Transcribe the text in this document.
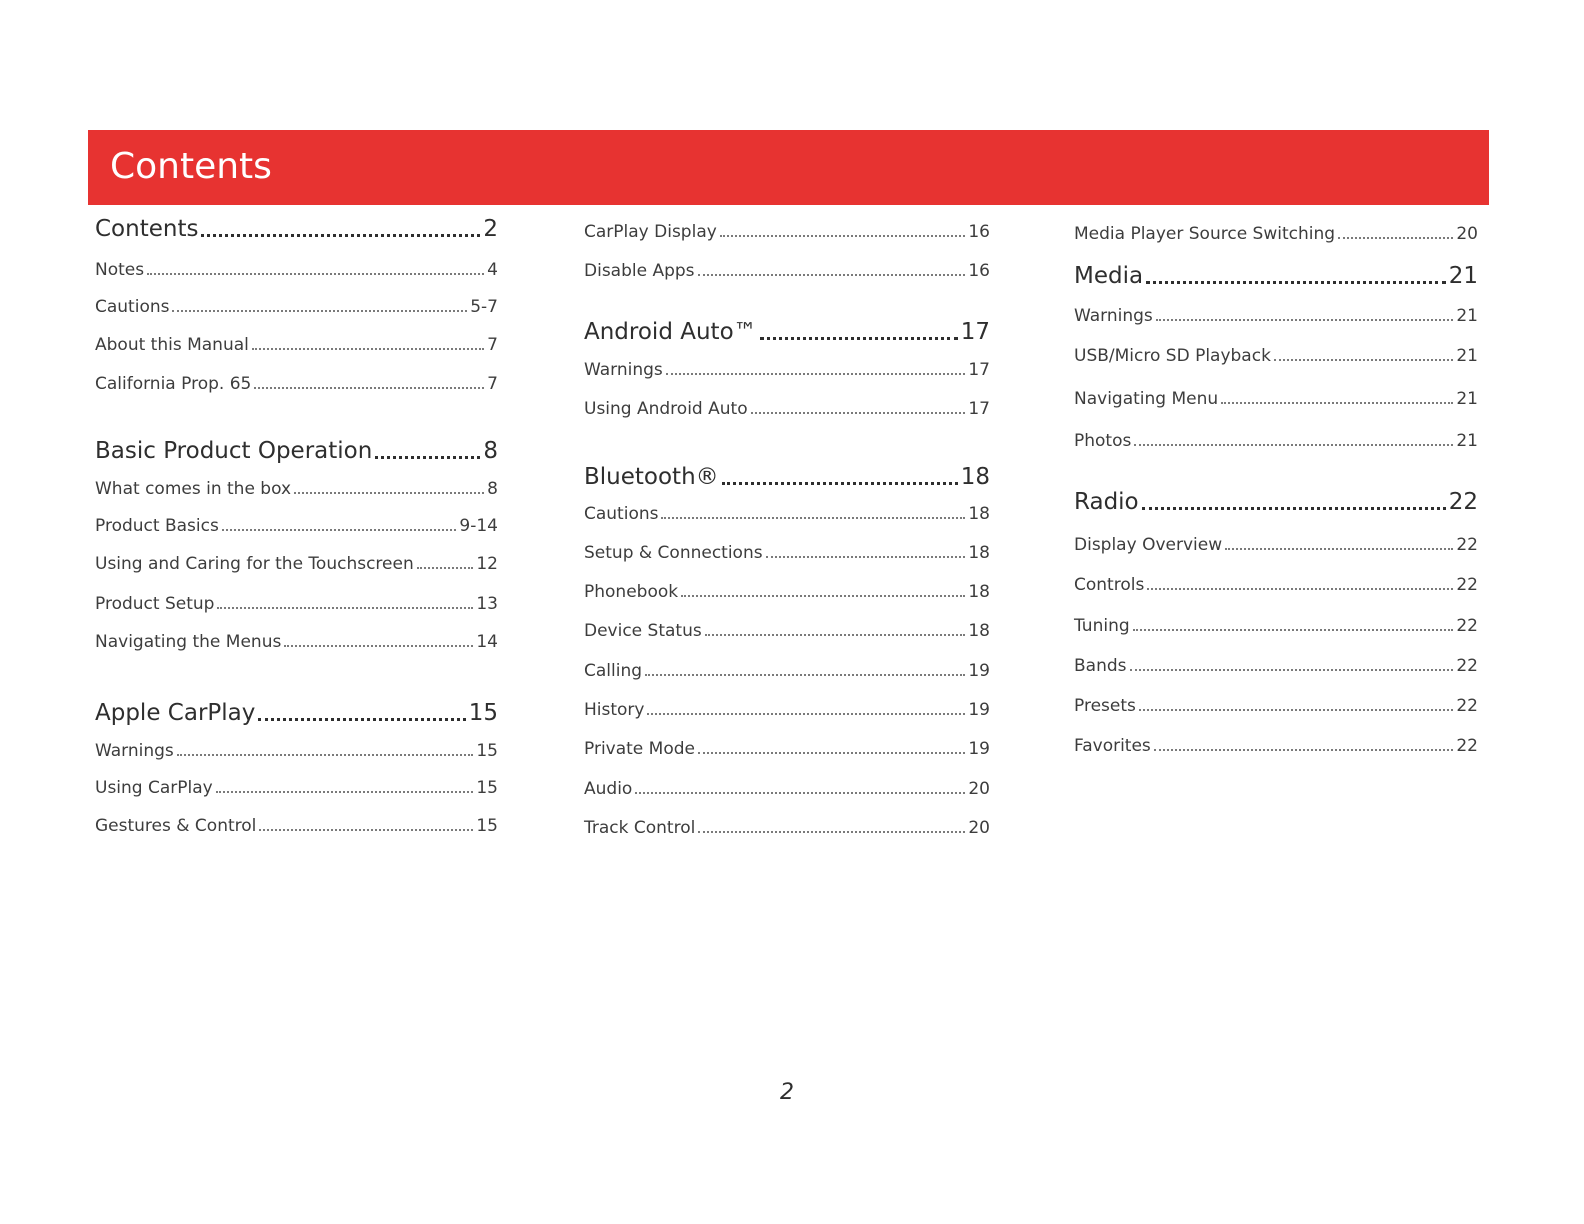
Contents
Contents	2
Notes	4
Cautions	5-7
About this Manual	7
California Prop. 65	7
Basic Product Operation	8
What comes in the box	8
Product Basics	9-14
Using and Caring for the Touchscreen	12
Product Setup	13
Navigating the Menus	14
Apple CarPlay	15
Warnings	15
Using CarPlay	15
Gestures & Control	15
CarPlay Display	16
Disable Apps	16
Android Auto™	17
Warnings	17
Using Android Auto	17
Bluetooth®	18
Cautions	18
Setup & Connections	18
Phonebook	18
Device Status	18
Calling	19
History	19
Private Mode	19
Audio	20
Track Control	20
Media Player Source Switching	20
Media	21
Warnings	21
USB/Micro SD Playback	21
Navigating Menu	21
Photos	21
Radio	22
Display Overview	22
Controls	22
Tuning	22
Bands	22
Presets	22
Favorites	22
2
